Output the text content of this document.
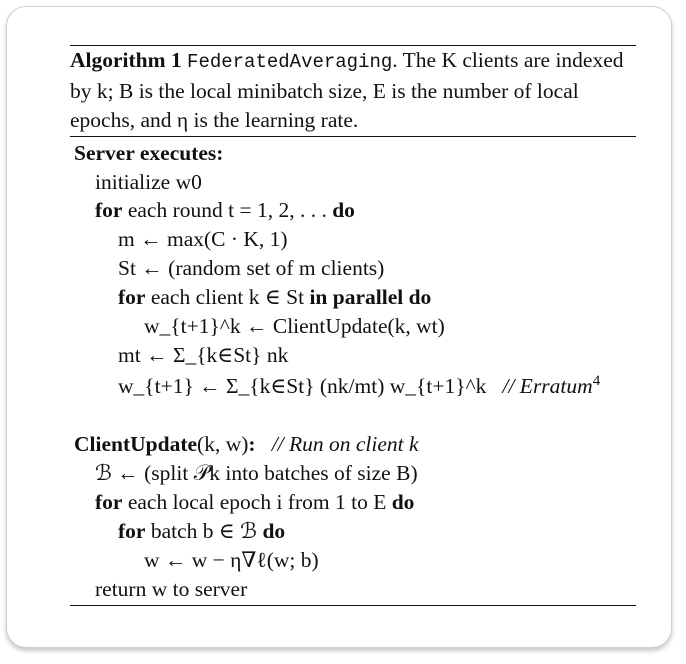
Algorithm 1 FederatedAveraging. The K clients are indexed by k; B is the local minibatch size, E is the number of local epochs, and η is the learning rate.
Server executes:
initialize w0
for each round t = 1, 2, . . . do
m ← max(C · K, 1)
St ← (random set of m clients)
for each client k ∈ St in parallel do
w_{t+1}^k ← ClientUpdate(k, wt)
mt ← Σ_{k∈St} nk
w_{t+1} ← Σ_{k∈St} (nk/mt) w_{t+1}^k // Erratum$^4$
ClientUpdate(k, w): // Run on client k
ℬ ← (split 𝒫k into batches of size B)
for each local epoch i from 1 to E do
for batch b ∈ ℬ do
w ← w − η∇ℓ(w; b)
return w to server
